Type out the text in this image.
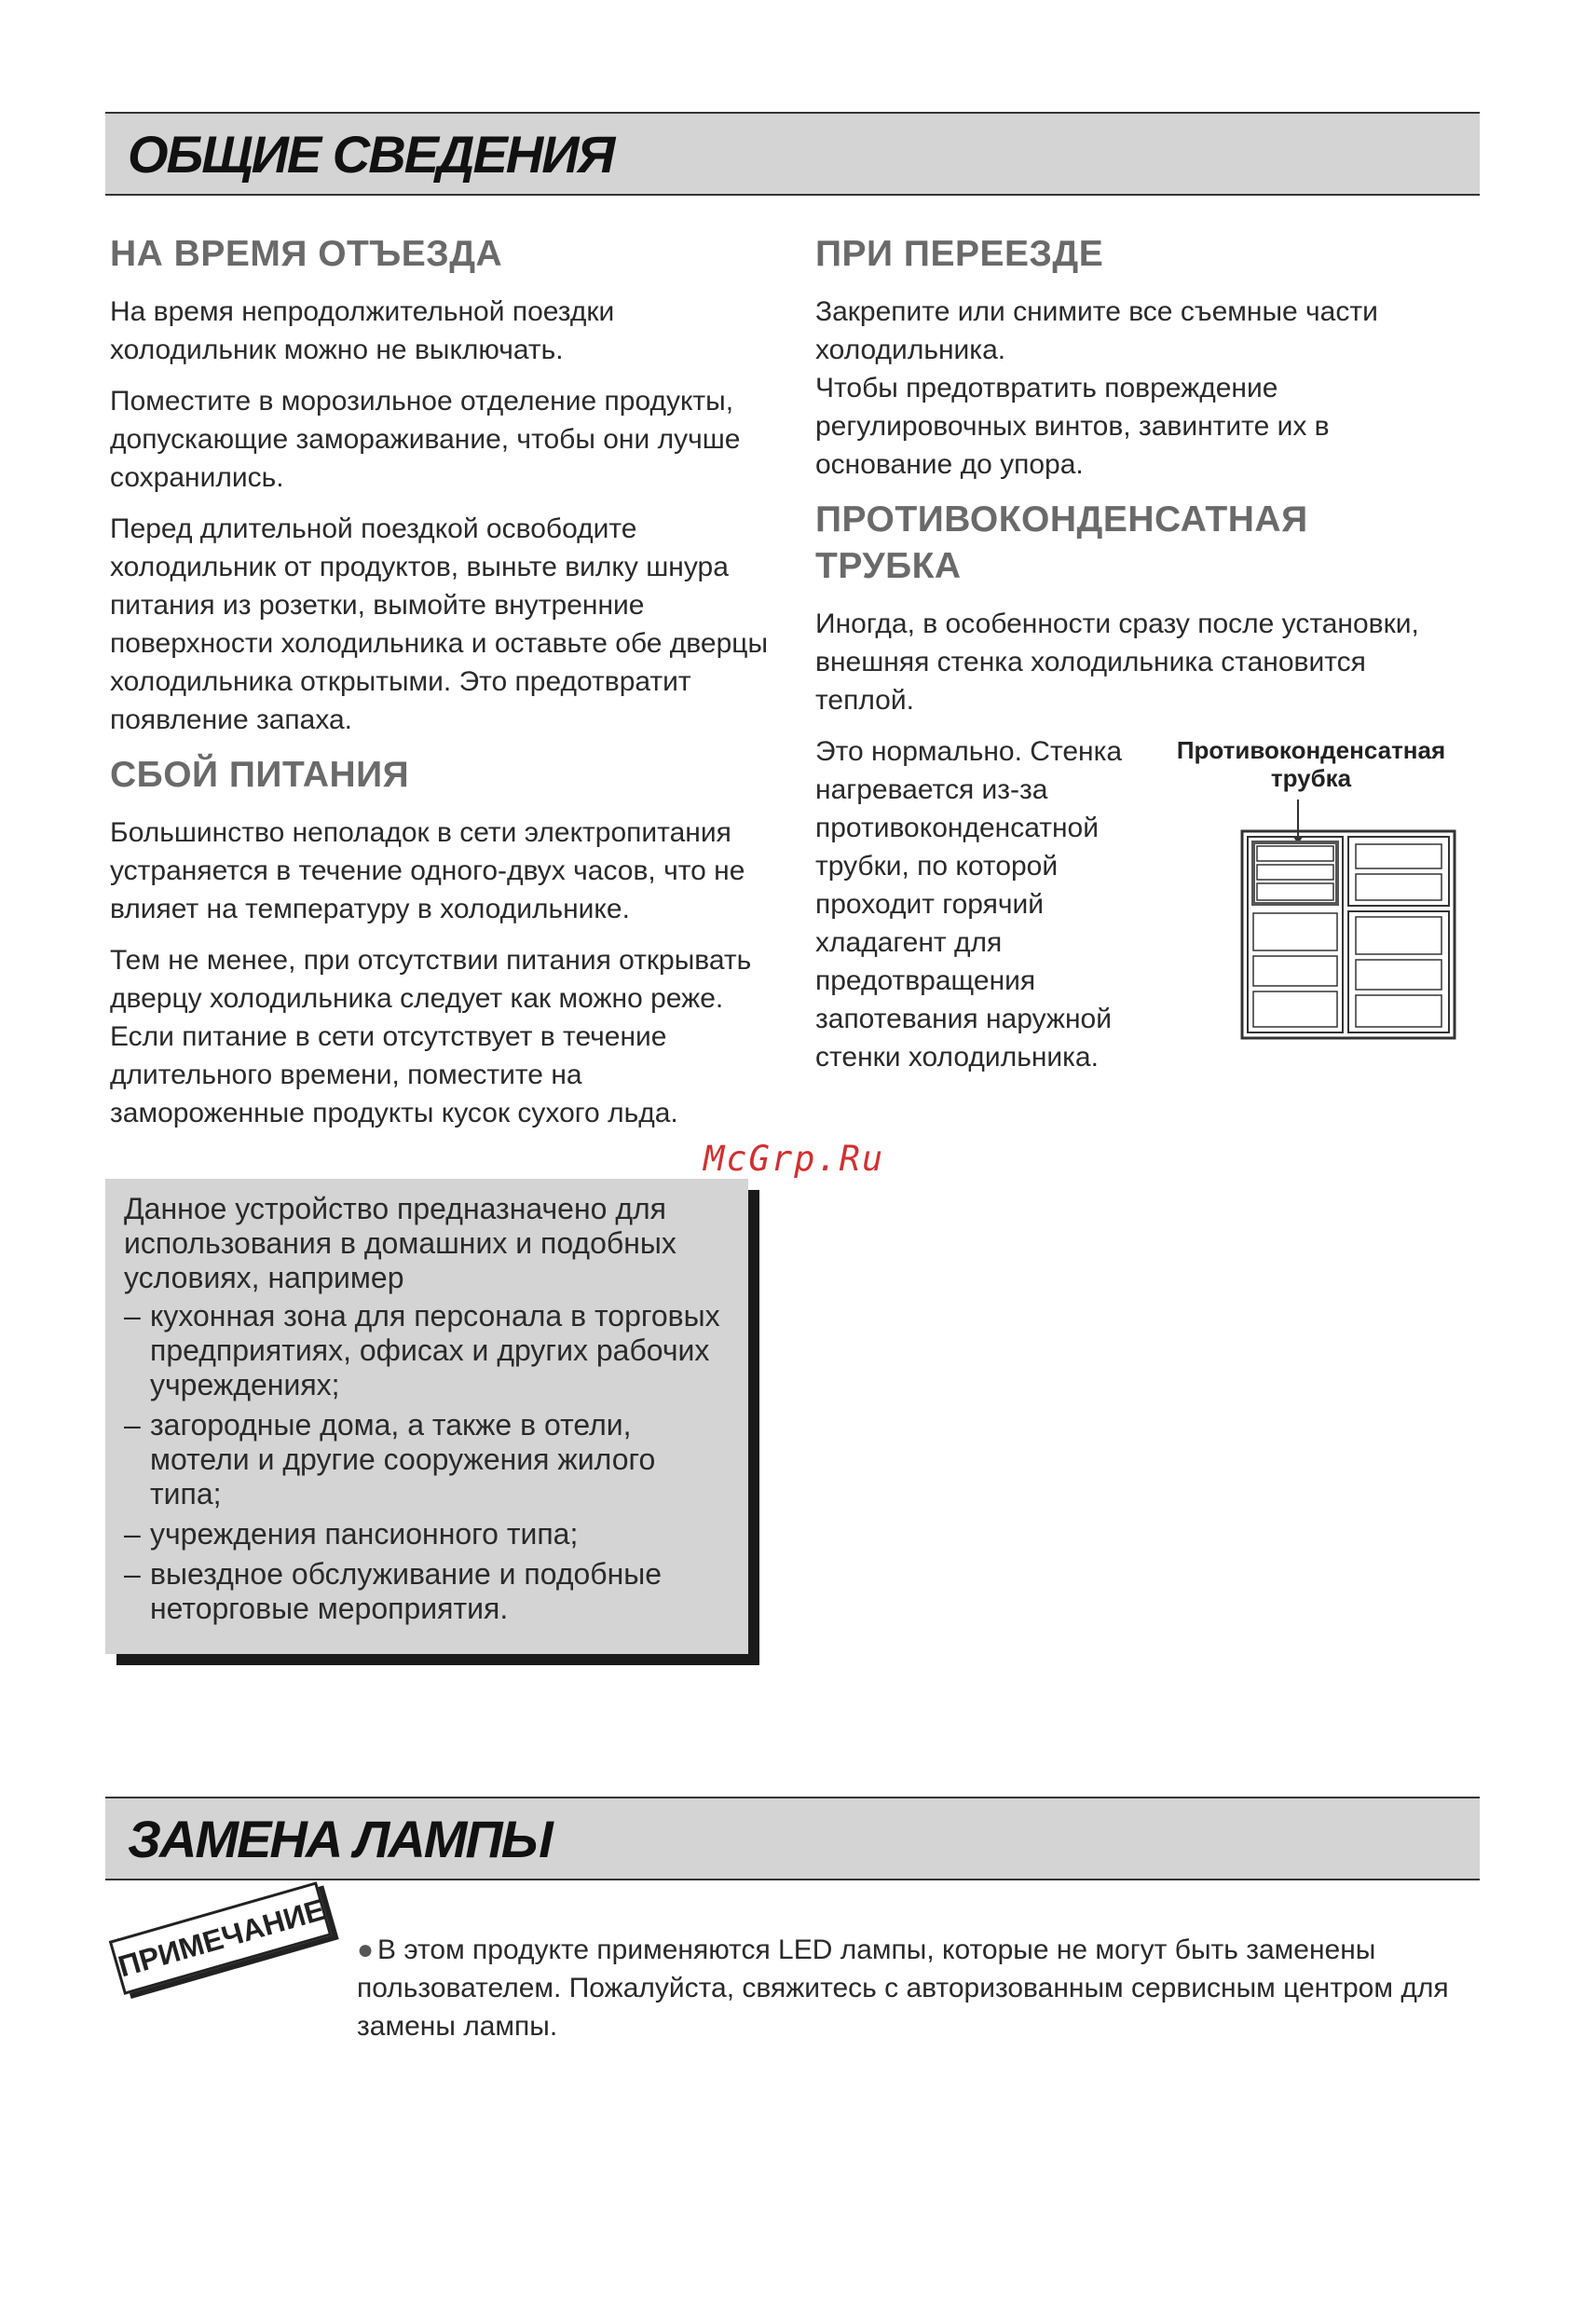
ОБЩИЕ СВЕДЕНИЯ
НА ВРЕМЯ ОТЪЕЗДА

На время непродолжительной поездки холодильник можно не выключать.

Поместите в морозильное отделение продукты, допускающие замораживание, чтобы они лучше сохранились.

Перед длительной поездкой освободите холодильник от продуктов, выньте вилку шнура питания из розетки, вымойте внутренние поверхности холодильника и оставьте обе дверцы холодильника открытыми. Это предотвратит появление запаха.

СБОЙ ПИТАНИЯ

Большинство неполадок в сети электропитания устраняется в течение одного-двух часов, что не влияет на температуру в холодильнике.

Тем не менее, при отсутствии питания открывать дверцу холодильника следует как можно реже. Если питание в сети отсутствует в течение длительного времени, поместите на замороженные продукты кусок сухого льда.

ПРИ ПЕРЕЕЗДЕ

Закрепите или снимите все съемные части холодильника.

Чтобы предотвратить повреждение регулировочных винтов, завинтите их в основание до упора.

ПРОТИВОКОНДЕНСАТНАЯ ТРУБКА

Иногда, в особенности сразу после установки, внешняя стенка холодильника становится теплой.

Это нормально. Стенка нагревается из-за противоконденсатной трубки, по которой проходит горячий хладагент для предотвращения запотевания наружной стенки холодильника.

Противоконденсатная трубка
McGrp.Ru

Данное устройство предназначено для использования в домашних и подобных условиях, например

– кухонная зона для персонала в торговых предприятиях, офисах и других рабочих учреждениях;
– загородные дома, а также в отели, мотели и другие сооружения жилого типа;
– учреждения пансионного типа;
– выездное обслуживание и подобные неторговые мероприятия.
ЗАМЕНА ЛАМПЫ
ПРИМЕЧАНИЕ ● В этом продукте применяются LED лампы, которые не могут быть заменены пользователем. Пожалуйста, свяжитесь с авторизованным сервисным центром для замены лампы.
